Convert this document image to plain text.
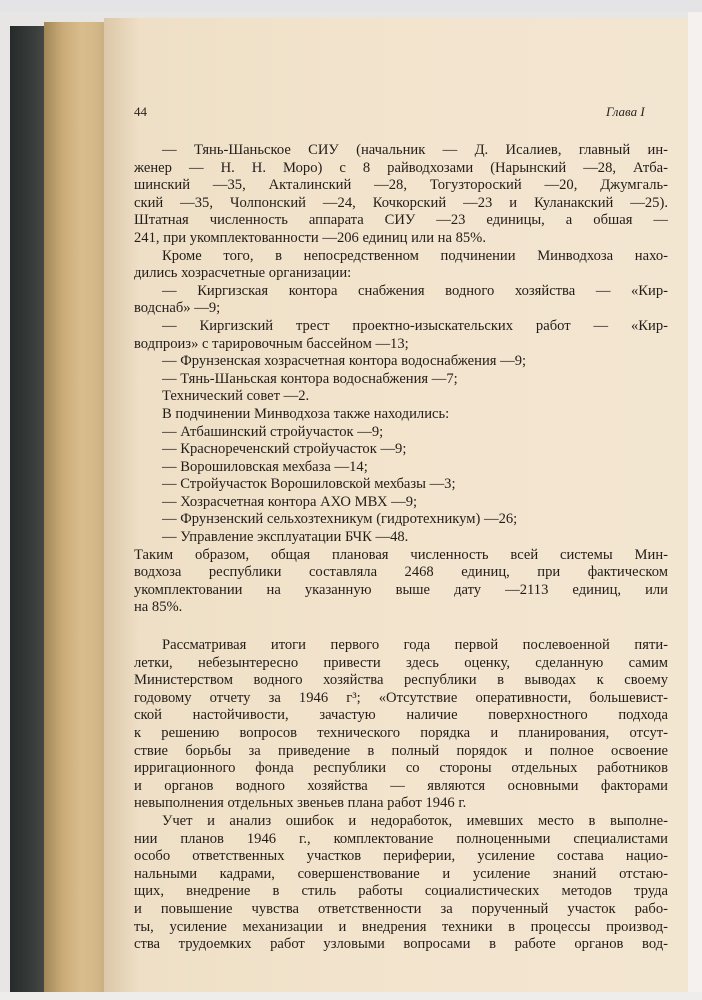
44	Глава I
— Тянь-Шаньское СИУ (начальник — Д. Исалиев, главный ин-
женер — Н. Н. Моро) с 8 райводхозами (Нарынский —28, Атба-
шинский —35, Акталинский —28, Тогузтороский —20, Джумгаль-
ский —35, Чолпонский —24, Кочкорский —23 и Куланакский —25).
Штатная численность аппарата СИУ —23 единицы, а обшая —
241, при укомплектованности —206 единиц или на 85%.
Кроме того, в непосредственном подчинении Минводхоза нахо-
дились хозрасчетные организации:
— Киргизская контора снабжения водного хозяйства — «Кир-
водснаб» —9;
— Киргизский трест проектно-изыскательских работ — «Кир-
водпроиз» с тарировочным бассейном —13;
— Фрунзенская хозрасчетная контора водоснабжения —9;
— Тянь-Шаньская контора водоснабжения —7;
Технический совет —2.
В подчинении Минводхоза также находились:
— Атбашинский стройучасток —9;
— Краснореченский стройучасток —9;
— Ворошиловская мехбаза —14;
— Стройучасток Ворошиловской мехбазы —3;
— Хозрасчетная контора АХО МВХ —9;
— Фрунзенский сельхозтехникум (гидротехникум) —26;
— Управление эксплуатации БЧК —48.
Таким образом, общая плановая численность всей системы Мин-
водхоза республики составляла 2468 единиц, при фактическом
укомплектовании на указанную выше дату —2113 единиц, или
на 85%.
Рассматривая итоги первого года первой послевоенной пяти-
летки, небезынтересно привести здесь оценку, сделанную самим
Министерством водного хозяйства республики в выводах к своему
годовому отчету за 1946 г³; «Отсутствие оперативности, большевист-
ской настойчивости, зачастую наличие поверхностного подхода
к решению вопросов технического порядка и планирования, отсут-
ствие борьбы за приведение в полный порядок и полное освоение
ирригационного фонда республики со стороны отдельных работников
и органов водного хозяйства — являются основными факторами
невыполнения отдельных звеньев плана работ 1946 г.
Учет и анализ ошибок и недоработок, имевших место в выполне-
нии планов 1946 г., комплектование полноценными специалистами
особо ответственных участков периферии, усиление состава нацио-
нальными кадрами, совершенствование и усиление знаний отстаю-
щих, внедрение в стиль работы социалистических методов труда
и повышение чувства ответственности за порученный участок рабо-
ты, усиление механизации и внедрения техники в процессы производ-
ства трудоемких работ узловыми вопросами в работе органов вод-
